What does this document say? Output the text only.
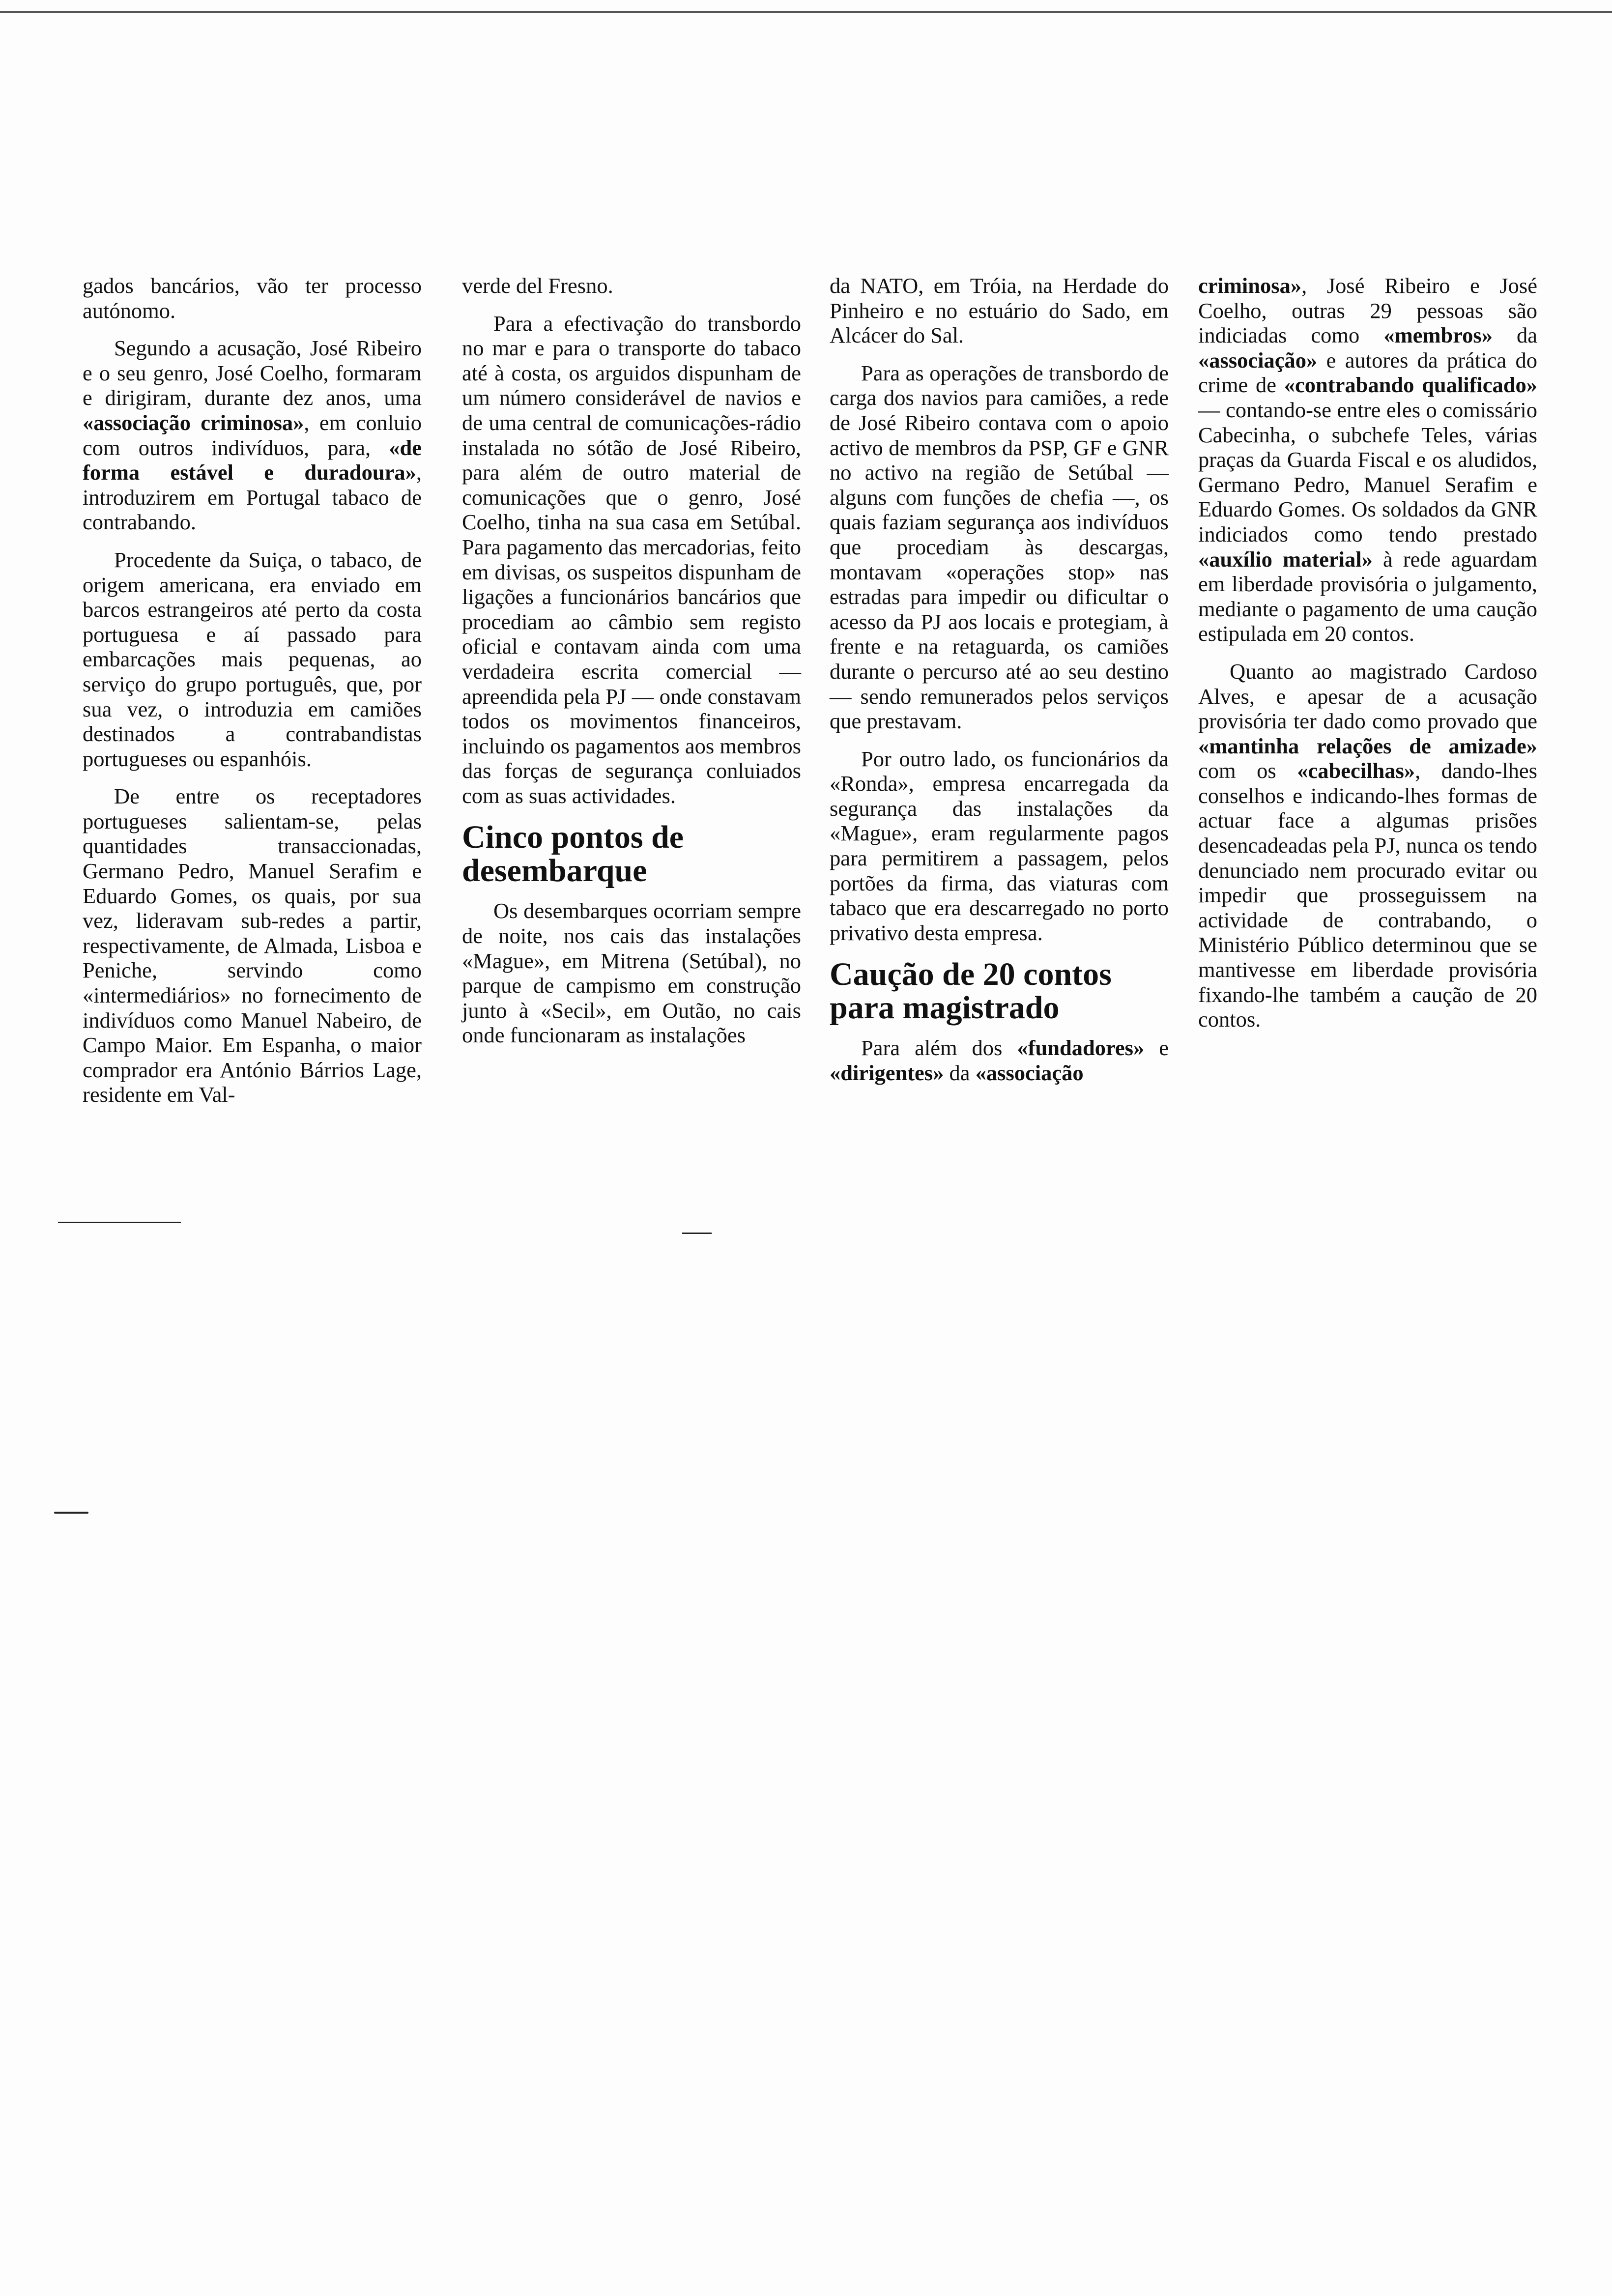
gados bancários, vão ter processo autónomo.

Segundo a acusação, José Ribeiro e o seu genro, José Coelho, formaram e dirigiram, durante dez anos, uma «associação criminosa», em conluio com outros indivíduos, para, «de forma estável e duradoura», introduzirem em Portugal tabaco de contrabando.

Procedente da Suiça, o tabaco, de origem americana, era enviado em barcos estrangeiros até perto da costa portuguesa e aí passado para embarcações mais pequenas, ao serviço do grupo português, que, por sua vez, o introduzia em camiões destinados a contrabandistas portugueses ou espanhóis.

De entre os receptadores portugueses salientam-se, pelas quantidades transaccionadas, Germano Pedro, Manuel Serafim e Eduardo Gomes, os quais, por sua vez, lideravam sub-redes a partir, respectivamente, de Almada, Lisboa e Peniche, servindo como «intermediários» no fornecimento de indivíduos como Manuel Nabeiro, de Campo Maior. Em Espanha, o maior comprador era António Bárrios Lage, residente em Val-

verde del Fresno.

Para a efectivação do transbordo no mar e para o transporte do tabaco até à costa, os arguidos dispunham de um número considerável de navios e de uma central de comunicações-rádio instalada no sótão de José Ribeiro, para além de outro material de comunicações que o genro, José Coelho, tinha na sua casa em Setúbal. Para pagamento das mercadorias, feito em divisas, os suspeitos dispunham de ligações a funcionários bancários que procediam ao câmbio sem registo oficial e contavam ainda com uma verdadeira escrita comercial — apreendida pela PJ — onde constavam todos os movimentos financeiros, incluindo os pagamentos aos membros das forças de segurança conluiados com as suas actividades.

Cinco pontos de desembarque

Os desembarques ocorriam sempre de noite, nos cais das instalações «Mague», em Mitrena (Setúbal), no parque de campismo em construção junto à «Secil», em Outão, no cais onde funcionaram as instalações

da NATO, em Tróia, na Herdade do Pinheiro e no estuário do Sado, em Alcácer do Sal.

Para as operações de transbordo de carga dos navios para camiões, a rede de José Ribeiro contava com o apoio activo de membros da PSP, GF e GNR no activo na região de Setúbal — alguns com funções de chefia —, os quais faziam segurança aos indivíduos que procediam às descargas, montavam «operações stop» nas estradas para impedir ou dificultar o acesso da PJ aos locais e protegiam, à frente e na retaguarda, os camiões durante o percurso até ao seu destino — sendo remunerados pelos serviços que prestavam.

Por outro lado, os funcionários da «Ronda», empresa encarregada da segurança das instalações da «Mague», eram regularmente pagos para permitirem a passagem, pelos portões da firma, das viaturas com tabaco que era descarregado no porto privativo desta empresa.

Caução de 20 contos para magistrado

Para além dos «fundadores» e «dirigentes» da «associação

criminosa», José Ribeiro e José Coelho, outras 29 pessoas são indiciadas como «membros» da «associação» e autores da prática do crime de «contrabando qualificado» — contando-se entre eles o comissário Cabecinha, o subchefe Teles, várias praças da Guarda Fiscal e os aludidos, Germano Pedro, Manuel Serafim e Eduardo Gomes. Os soldados da GNR indiciados como tendo prestado «auxílio material» à rede aguardam em liberdade provisória o julgamento, mediante o pagamento de uma caução estipulada em 20 contos.

Quanto ao magistrado Cardoso Alves, e apesar de a acusação provisória ter dado como provado que «mantinha relações de amizade» com os «cabecilhas», dando-lhes conselhos e indicando-lhes formas de actuar face a algumas prisões desencadeadas pela PJ, nunca os tendo denunciado nem procurado evitar ou impedir que prosseguissem na actividade de contrabando, o Ministério Público determinou que se mantivesse em liberdade provisória fixando-lhe também a caução de 20 contos.
